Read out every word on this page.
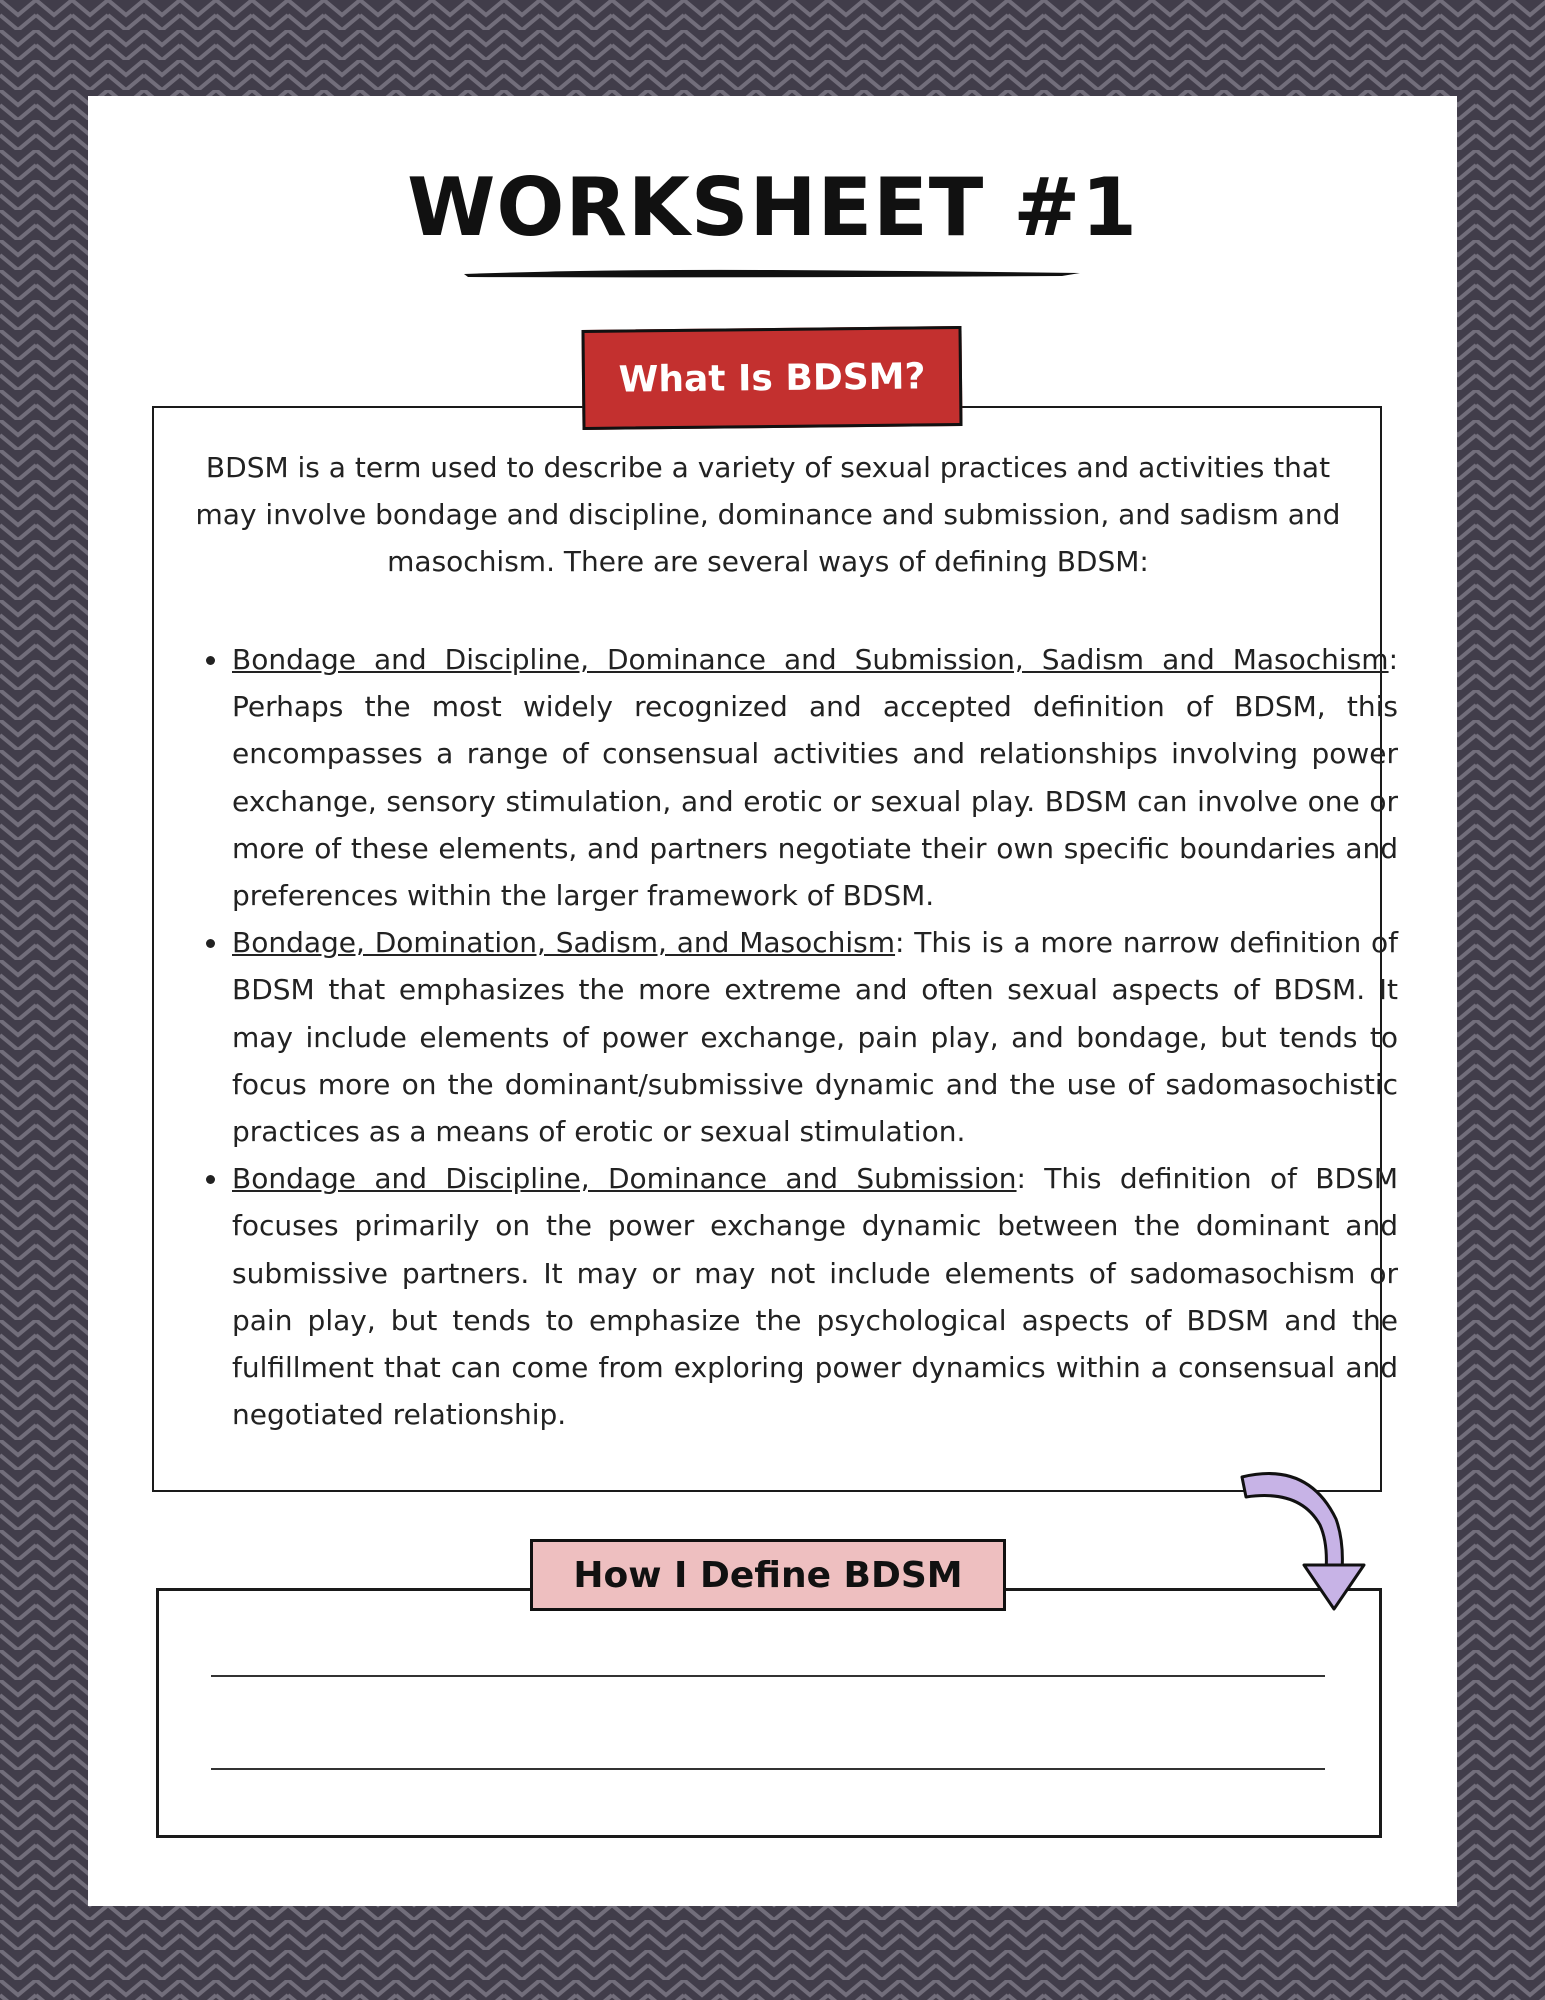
WORKSHEET #1
What Is BDSM?

BDSM is a term used to describe a variety of sexual practices and activities that may involve bondage and discipline, dominance and submission, and sadism and masochism. There are several ways of defining BDSM:

• Bondage and Discipline, Dominance and Submission, Sadism and Masochism: Perhaps the most widely recognized and accepted definition of BDSM, this encompasses a range of consensual activities and relationships involving power exchange, sensory stimulation, and erotic or sexual play. BDSM can involve one or more of these elements, and partners negotiate their own specific boundaries and preferences within the larger framework of BDSM.
• Bondage, Domination, Sadism, and Masochism: This is a more narrow definition of BDSM that emphasizes the more extreme and often sexual aspects of BDSM. It may include elements of power exchange, pain play, and bondage, but tends to focus more on the dominant/submissive dynamic and the use of sadomasochistic practices as a means of erotic or sexual stimulation.
• Bondage and Discipline, Dominance and Submission: This definition of BDSM focuses primarily on the power exchange dynamic between the dominant and submissive partners. It may or may not include elements of sadomasochism or pain play, but tends to emphasize the psychological aspects of BDSM and the fulfillment that can come from exploring power dynamics within a consensual and negotiated relationship.
How I Define BDSM
